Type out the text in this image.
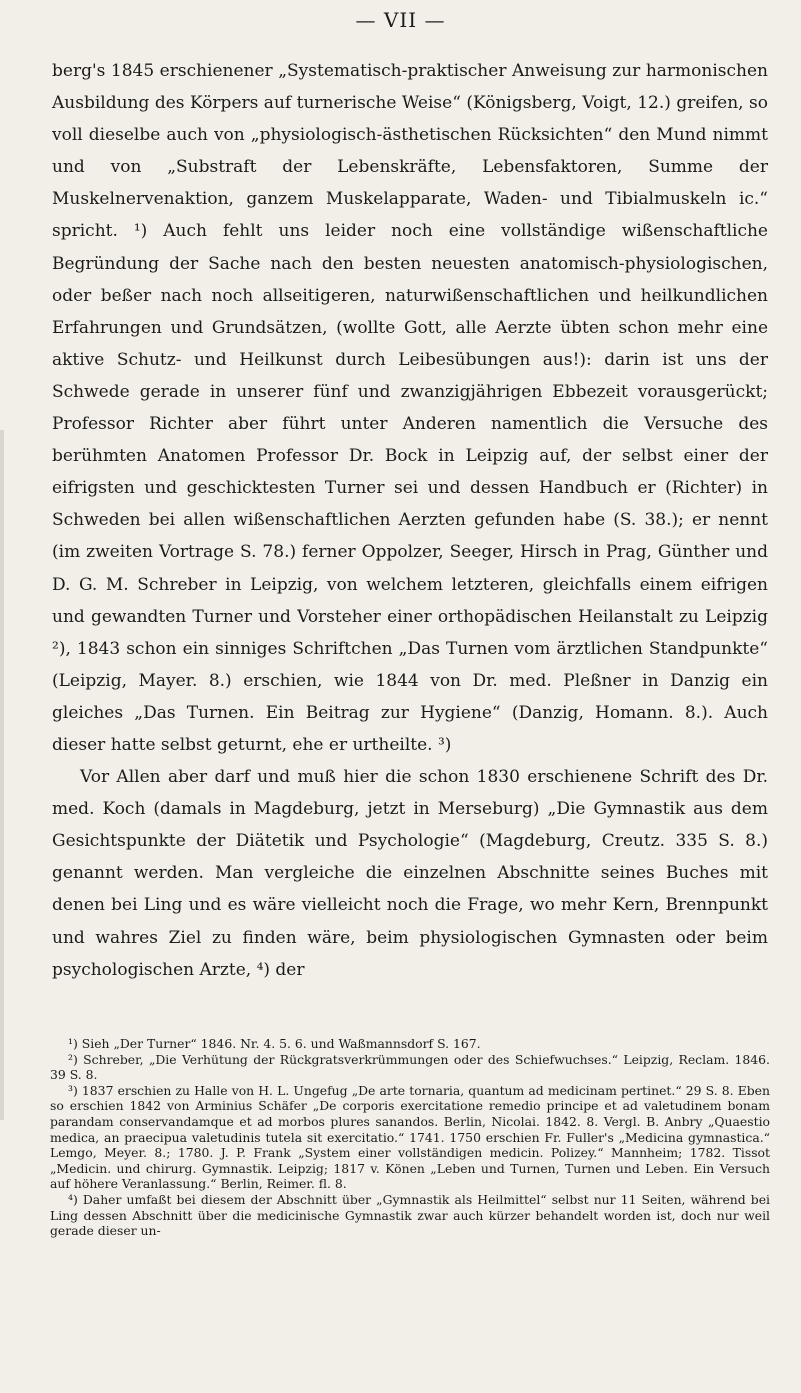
— VII —

berg's 1845 erschienener „Systematisch-praktischer Anweisung zur harmonischen Ausbildung des Körpers auf turnerische Weise“ (Königsberg, Voigt, 12.) greifen, so voll dieselbe auch von „physiologisch-ästhetischen Rücksichten“ den Mund nimmt und von „Substraft der Lebenskräfte, Lebensfaktoren, Summe der Muskelnervenaktion, ganzem Muskelapparate, Waden- und Tibialmuskeln ic.“ spricht. ¹) Auch fehlt uns leider noch eine vollständige wißenschaftliche Begründung der Sache nach den besten neuesten anatomisch-physiologischen, oder beßer nach noch allseitigeren, naturwißenschaftlichen und heilkundlichen Erfahrungen und Grundsätzen, (wollte Gott, alle Aerzte übten schon mehr eine aktive Schutz- und Heilkunst durch Leibesübungen aus!): darin ist uns der Schwede gerade in unserer fünf und zwanzigjährigen Ebbezeit vorausgerückt; Professor Richter aber führt unter Anderen namentlich die Versuche des berühmten Anatomen Professor Dr. Bock in Leipzig auf, der selbst einer der eifrigsten und geschicktesten Turner sei und dessen Handbuch er (Richter) in Schweden bei allen wißenschaftlichen Aerzten gefunden habe (S. 38.); er nennt (im zweiten Vortrage S. 78.) ferner Oppolzer, Seeger, Hirsch in Prag, Günther und D. G. M. Schreber in Leipzig, von welchem letzteren, gleichfalls einem eifrigen und gewandten Turner und Vorsteher einer orthopädischen Heilanstalt zu Leipzig ²), 1843 schon ein sinniges Schriftchen „Das Turnen vom ärztlichen Standpunkte“ (Leipzig, Mayer. 8.) erschien, wie 1844 von Dr. med. Pleßner in Danzig ein gleiches „Das Turnen. Ein Beitrag zur Hygiene“ (Danzig, Homann. 8.). Auch dieser hatte selbst geturnt, ehe er urtheilte. ³)

Vor Allen aber darf und muß hier die schon 1830 erschienene Schrift des Dr. med. Koch (damals in Magdeburg, jetzt in Merseburg) „Die Gymnastik aus dem Gesichtspunkte der Diätetik und Psychologie“ (Magdeburg, Creutz. 335 S. 8.) genannt werden. Man vergleiche die einzelnen Abschnitte seines Buches mit denen bei Ling und es wäre vielleicht noch die Frage, wo mehr Kern, Brennpunkt und wahres Ziel zu finden wäre, beim physiologischen Gymnasten oder beim psychologischen Arzte, ⁴) der

¹) Sieh „Der Turner“ 1846. Nr. 4. 5. 6. und Waßmannsdorf S. 167.

²) Schreber, „Die Verhütung der Rückgratsverkrümmungen oder des Schiefwuchses.“ Leipzig, Reclam. 1846. 39 S. 8.

³) 1837 erschien zu Halle von H. L. Ungefug „De arte tornaria, quantum ad medicinam pertinet.“ 29 S. 8. Eben so erschien 1842 von Arminius Schäfer „De corporis exercitatione remedio principe et ad valetudinem bonam parandam conservandamque et ad morbos plures sanandos. Berlin, Nicolai. 1842. 8. Vergl. B. Anbry „Quaestio medica, an praecipua valetudinis tutela sit exercitatio.“ 1741. 1750 erschien Fr. Fuller's „Medicina gymnastica.“ Lemgo, Meyer. 8.; 1780. J. P. Frank „System einer vollständigen medicin. Polizey.“ Mannheim; 1782. Tissot „Medicin. und chirurg. Gymnastik. Leipzig; 1817 v. Könen „Leben und Turnen, Turnen und Leben. Ein Versuch auf höhere Veranlassung.“ Berlin, Reimer. fl. 8.

⁴) Daher umfaßt bei diesem der Abschnitt über „Gymnastik als Heilmittel“ selbst nur 11 Seiten, während bei Ling dessen Abschnitt über die medicinische Gymnastik zwar auch kürzer behandelt worden ist, doch nur weil gerade dieser un-
